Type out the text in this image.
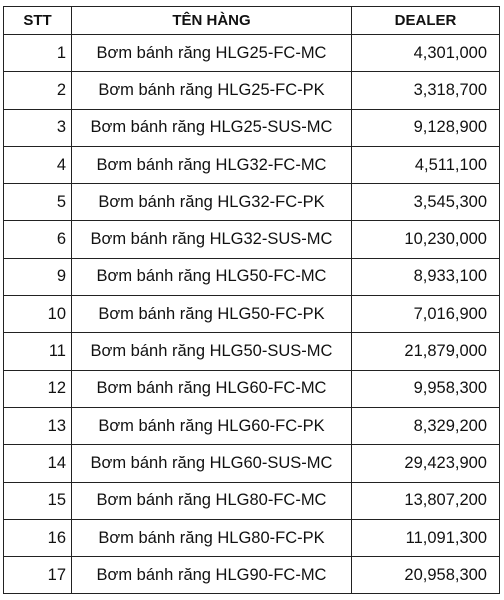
STT	TÊN HÀNG	DEALER
1	Bơm bánh răng HLG25-FC-MC	4,301,000
2	Bơm bánh răng HLG25-FC-PK	3,318,700
3	Bơm bánh răng HLG25-SUS-MC	9,128,900
4	Bơm bánh răng HLG32-FC-MC	4,511,100
5	Bơm bánh răng HLG32-FC-PK	3,545,300
6	Bơm bánh răng HLG32-SUS-MC	10,230,000
9	Bơm bánh răng HLG50-FC-MC	8,933,100
10	Bơm bánh răng HLG50-FC-PK	7,016,900
11	Bơm bánh răng HLG50-SUS-MC	21,879,000
12	Bơm bánh răng HLG60-FC-MC	9,958,300
13	Bơm bánh răng HLG60-FC-PK	8,329,200
14	Bơm bánh răng HLG60-SUS-MC	29,423,900
15	Bơm bánh răng HLG80-FC-MC	13,807,200
16	Bơm bánh răng HLG80-FC-PK	11,091,300
17	Bơm bánh răng HLG90-FC-MC	20,958,300
